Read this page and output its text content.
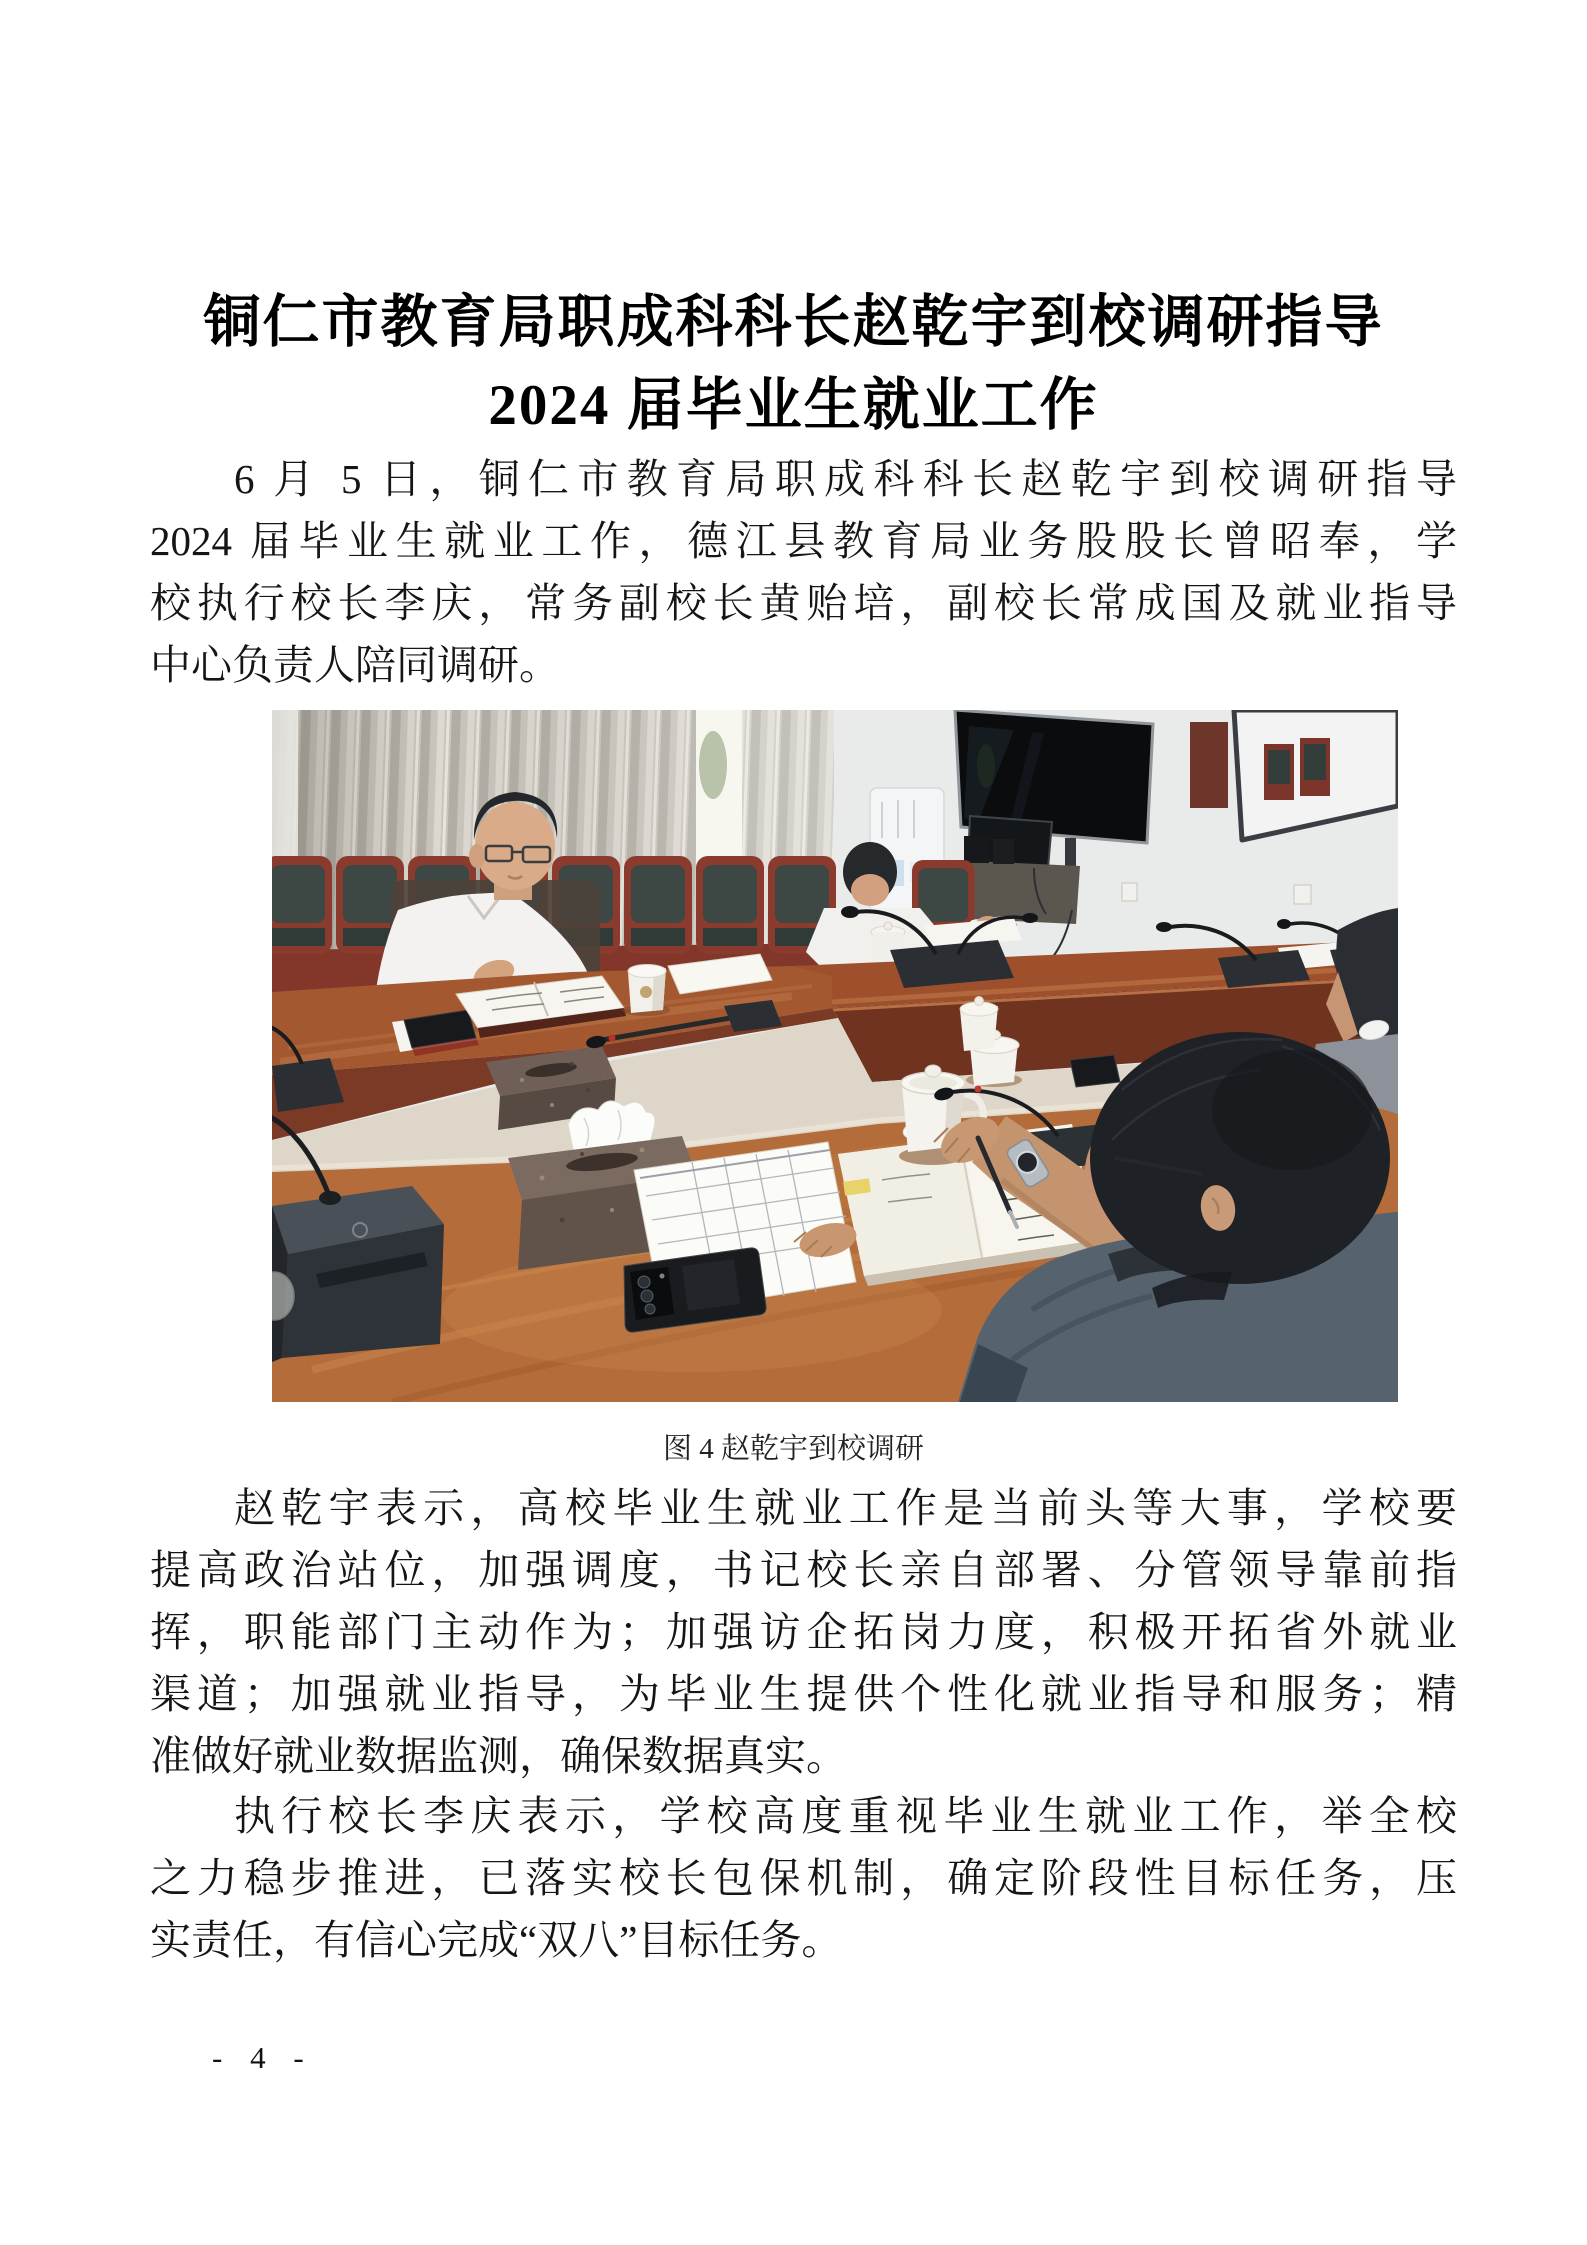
铜仁市教育局职成科科长赵乾宇到校调研指导
2024 届毕业生就业工作
6 月 5 日，铜仁市教育局职成科科长赵乾宇到校调研指导
2024 届毕业生就业工作，德江县教育局业务股股长曾昭奉，学
校执行校长李庆，常务副校长黄贻培，副校长常成国及就业指导
中心负责人陪同调研。
图 4 赵乾宇到校调研
赵乾宇表示，高校毕业生就业工作是当前头等大事，学校要
提高政治站位，加强调度，书记校长亲自部署、分管领导靠前指
挥，职能部门主动作为；加强访企拓岗力度，积极开拓省外就业
渠道；加强就业指导，为毕业生提供个性化就业指导和服务；精
准做好就业数据监测，确保数据真实。
执行校长李庆表示，学校高度重视毕业生就业工作，举全校
之力稳步推进，已落实校长包保机制，确定阶段性目标任务，压
实责任，有信心完成“双八”目标任务。
- 4 -
